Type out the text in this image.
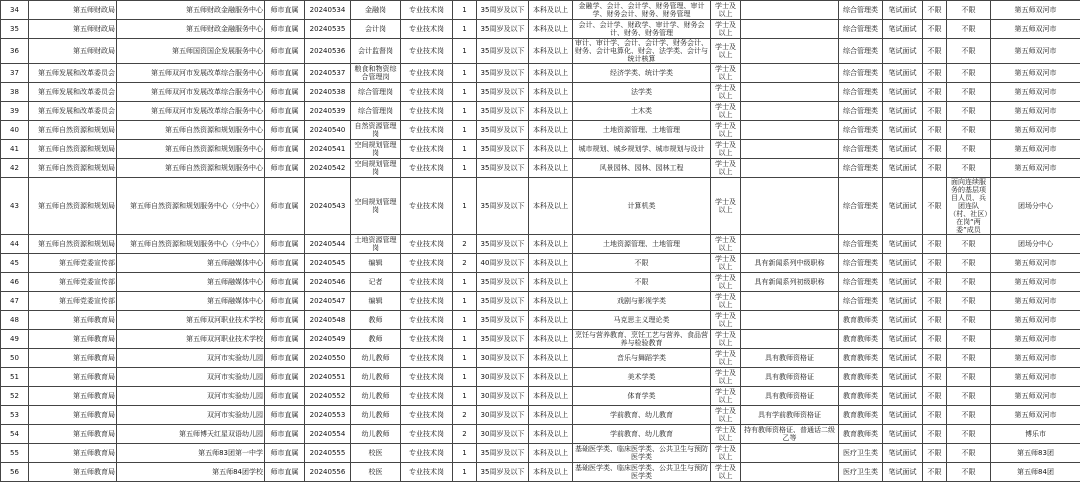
34	第五师财政局	第五师财政金融服务中心	师市直属	20240534	金融岗	专业技术岗	1	35周岁及以下	本科及以上	金融学、会计、会计学、财务管理、审计学、财务会计、财务、财务管理	学士及以上		综合管理类	笔试面试	不限	不限	第五师双河市
35	第五师财政局	第五师财政金融服务中心	师市直属	20240535	会计岗	专业技术岗	1	35周岁及以下	本科及以上	会计、会计学、财政学、审计学、财务会计、财务、财务管理	学士及以上		综合管理类	笔试面试	不限	不限	第五师双河市
36	第五师财政局	第五师国资国企发展服务中心	师市直属	20240536	会计监督岗	专业技术岗	1	35周岁及以下	本科及以上	审计、审计学、会计、会计学、财务会计、财务、会计电算化、财会、法学类、会计与统计核算	学士及以上		综合管理类	笔试面试	不限	不限	第五师双河市
37	第五师发展和改革委员会	第五师双河市发展改革综合服务中心	师市直属	20240537	粮食和物资综合管理岗	专业技术岗	1	35周岁及以下	本科及以上	经济学类、统计学类	学士及以上		综合管理类	笔试面试	不限	不限	第五师双河市
38	第五师发展和改革委员会	第五师双河市发展改革综合服务中心	师市直属	20240538	综合管理岗	专业技术岗	1	35周岁及以下	本科及以上	法学类	学士及以上		综合管理类	笔试面试	不限	不限	第五师双河市
39	第五师发展和改革委员会	第五师双河市发展改革综合服务中心	师市直属	20240539	综合管理岗	专业技术岗	1	35周岁及以下	本科及以上	土木类	学士及以上		综合管理类	笔试面试	不限	不限	第五师双河市
40	第五师自然资源和规划局	第五师自然资源和规划服务中心	师市直属	20240540	自然资源管理岗	专业技术岗	1	35周岁及以下	本科及以上	土地资源管理、土地管理	学士及以上		综合管理类	笔试面试	不限	不限	第五师双河市
41	第五师自然资源和规划局	第五师自然资源和规划服务中心	师市直属	20240541	空间规划管理岗	专业技术岗	1	35周岁及以下	本科及以上	城市规划、城乡规划学、城市规划与设计	学士及以上		综合管理类	笔试面试	不限	不限	第五师双河市
42	第五师自然资源和规划局	第五师自然资源和规划服务中心	师市直属	20240542	空间规划管理岗	专业技术岗	1	35周岁及以下	本科及以上	风景园林、园林、园林工程	学士及以上		综合管理类	笔试面试	不限	不限	第五师双河市
43	第五师自然资源和规划局	第五师自然资源和规划服务中心（分中心）	师市直属	20240543	空间规划管理岗	专业技术岗	1	35周岁及以下	本科及以上	计算机类	学士及以上		综合管理类	笔试面试	不限	面向连续服务的基层项目人员、兵团连队（村、社区）在岗“两委”成员	团场分中心
44	第五师自然资源和规划局	第五师自然资源和规划服务中心（分中心）	师市直属	20240544	土地资源管理岗	专业技术岗	2	35周岁及以下	本科及以上	土地资源管理、土地管理	学士及以上		综合管理类	笔试面试	不限	不限	团场分中心
45	第五师党委宣传部	第五师融媒体中心	师市直属	20240545	编辑	专业技术岗	2	40周岁及以下	本科及以上	不限	学士及以上	具有新闻系列中级职称	综合管理类	笔试面试	不限	不限	第五师双河市
46	第五师党委宣传部	第五师融媒体中心	师市直属	20240546	记者	专业技术岗	1	35周岁及以下	本科及以上	不限	学士及以上	具有新闻系列初级职称	综合管理类	笔试面试	不限	不限	第五师双河市
47	第五师党委宣传部	第五师融媒体中心	师市直属	20240547	编辑	专业技术岗	1	35周岁及以下	本科及以上	戏剧与影视学类	学士及以上		综合管理类	笔试面试	不限	不限	第五师双河市
48	第五师教育局	第五师双河职业技术学校	师市直属	20240548	教师	专业技术岗	1	35周岁及以下	本科及以上	马克思主义理论类	学士及以上		教育教师类	笔试面试	不限	不限	第五师双河市
49	第五师教育局	第五师双河职业技术学校	师市直属	20240549	教师	专业技术岗	1	35周岁及以下	本科及以上	烹饪与营养教育、烹饪工艺与营养、食品营养与检验教育	学士及以上		教育教师类	笔试面试	不限	不限	第五师双河市
50	第五师教育局	双河市实验幼儿园	师市直属	20240550	幼儿教师	专业技术岗	1	30周岁及以下	本科及以上	音乐与舞蹈学类	学士及以上	具有教师资格证	教育教师类	笔试面试	不限	不限	第五师双河市
51	第五师教育局	双河市实验幼儿园	师市直属	20240551	幼儿教师	专业技术岗	1	30周岁及以下	本科及以上	美术学类	学士及以上	具有教师资格证	教育教师类	笔试面试	不限	不限	第五师双河市
52	第五师教育局	双河市实验幼儿园	师市直属	20240552	幼儿教师	专业技术岗	1	30周岁及以下	本科及以上	体育学类	学士及以上	具有教师资格证	教育教师类	笔试面试	不限	不限	第五师双河市
53	第五师教育局	双河市实验幼儿园	师市直属	20240553	幼儿教师	专业技术岗	2	30周岁及以下	本科及以上	学前教育、幼儿教育	学士及以上	具有学前教师资格证	教育教师类	笔试面试	不限	不限	第五师双河市
54	第五师教育局	第五师博天红星双语幼儿园	师市直属	20240554	幼儿教师	专业技术岗	2	30周岁及以下	本科及以上	学前教育、幼儿教育	学士及以上	持有教师资格证、普通话二级乙等	教育教师类	笔试面试	不限	不限	博乐市
55	第五师教育局	第五师83团第一中学	师市直属	20240555	校医	专业技术岗	1	35周岁及以下	本科及以上	基础医学类、临床医学类、公共卫生与预防医学类	学士及以上		医疗卫生类	笔试面试	不限	不限	第五师83团
56	第五师教育局	第五师84团学校	师市直属	20240556	校医	专业技术岗	1	35周岁及以下	本科及以上	基础医学类、临床医学类、公共卫生与预防医学类	学士及以上		医疗卫生类	笔试面试	不限	不限	第五师84团
